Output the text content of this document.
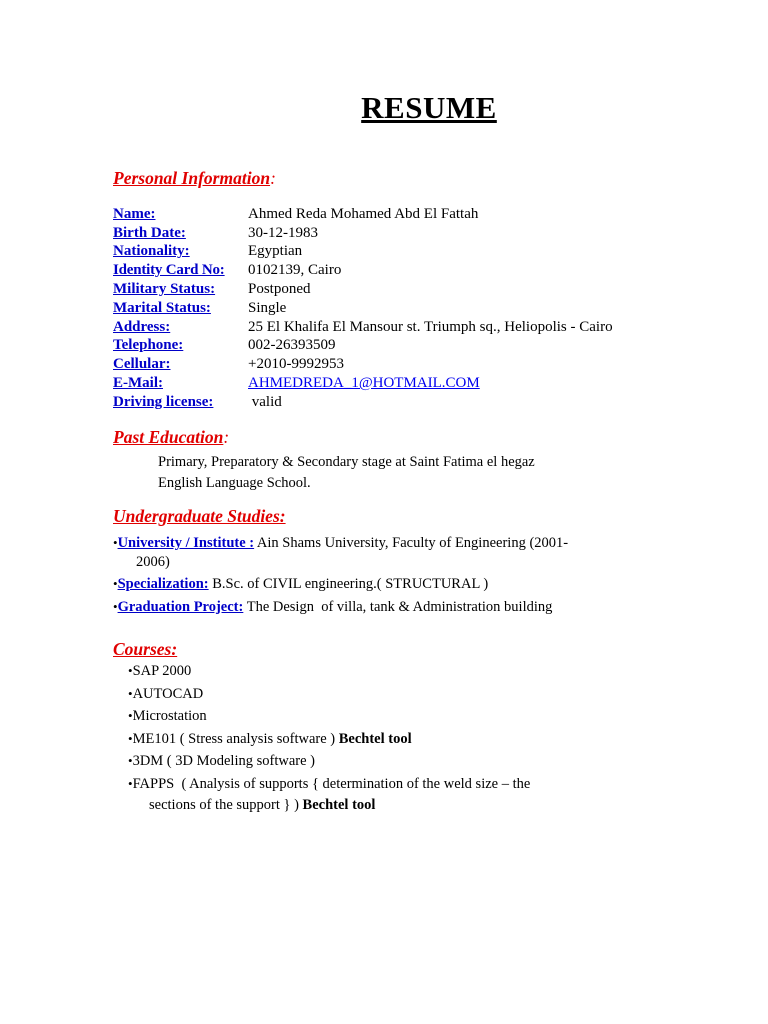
RESUME
Personal Information:
Name:	Ahmed Reda Mohamed Abd El Fattah
Birth Date:	30-12-1983
Nationality:	Egyptian
Identity Card No:	0102139, Cairo
Military Status:	Postponed
Marital Status:	Single
Address:	25 El Khalifa El Mansour st. Triumph sq., Heliopolis - Cairo
Telephone:	002-26393509
Cellular:	+2010-9992953
E-Mail:	AHMEDREDA_1@HOTMAIL.COM
Driving license:	valid
Past Education:
Primary, Preparatory & Secondary stage at Saint Fatima el hegaz
English Language School.
Undergraduate Studies:
•University / Institute : Ain Shams University, Faculty of Engineering (2001-
2006)
•Specialization: B.Sc. of CIVIL engineering.( STRUCTURAL )
•Graduation Project: The Design  of villa, tank & Administration building
Courses:
•SAP 2000
•AUTOCAD
•Microstation
•ME101 ( Stress analysis software ) Bechtel tool
•3DM ( 3D Modeling software )
•FAPPS  ( Analysis of supports { determination of the weld size – the
sections of the support } ) Bechtel tool
